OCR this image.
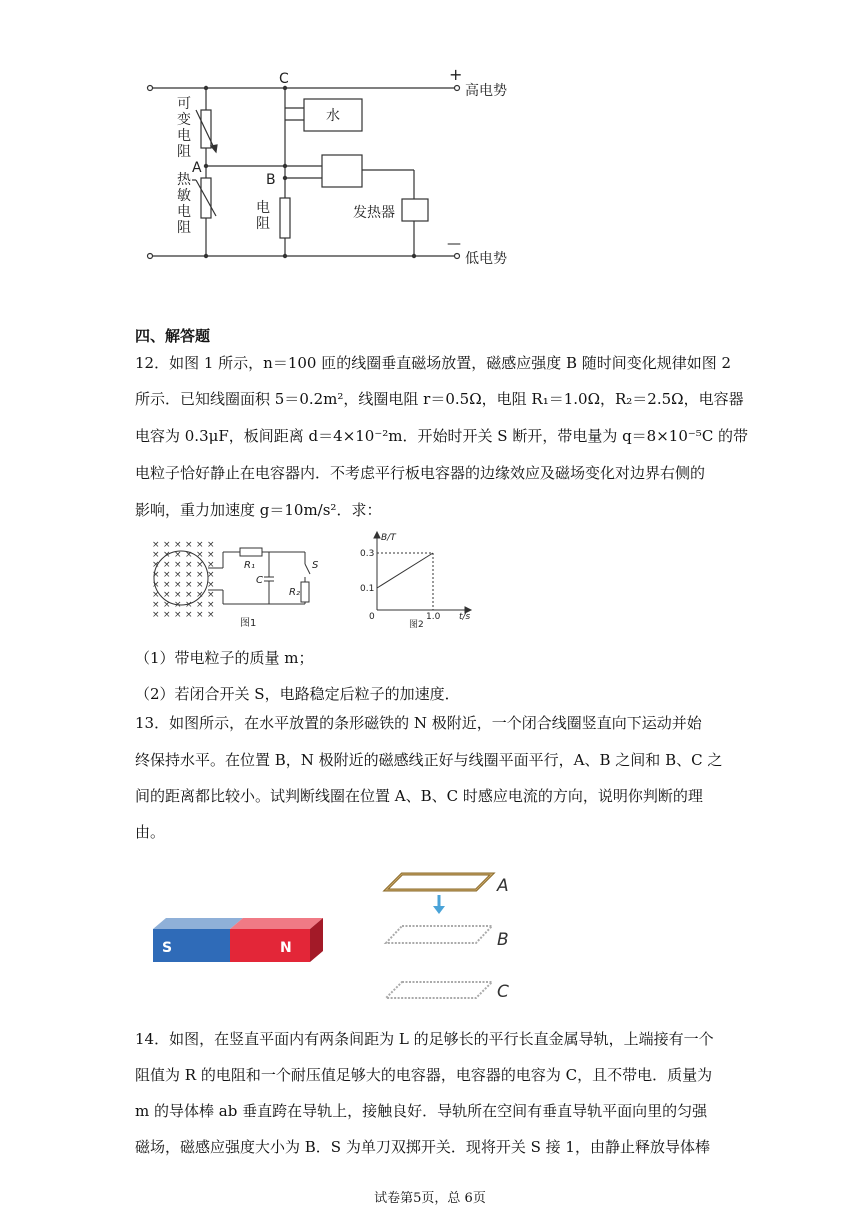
C
A
B
+
—
高电势
低电势
可
变
电
阻
热
敏
电
阻
电
阻
水
发热器
四、解答题
12．如图 1 所示，n＝100 匝的线圈垂直磁场放置，磁感应强度 B 随时间变化规律如图 2
所示．已知线圈面积 5＝0.2m²，线圈电阻 r＝0.5Ω，电阻 R₁＝1.0Ω，R₂＝2.5Ω，电容器
电容为 0.3μF，板间距离 d＝4×10⁻²m．开始时开关 S 断开，带电量为 q＝8×10⁻⁵C 的带
电粒子恰好静止在电容器内．不考虑平行板电容器的边缘效应及磁场变化对边界右侧的
影响，重力加速度 g＝10m/s²．求：
× × × × × ×
× × × × × ×
× × × × × ×
× × × × × ×
× × × × × ×
× × × × × ×
× × × × × ×
× × × × × ×
R₁
C
R₂
S
图1
B/T
0.3
0.1
0	1.0 t/s
图2
（1）带电粒子的质量 m；
（2）若闭合开关 S，电路稳定后粒子的加速度．
13．如图所示，在水平放置的条形磁铁的 N 极附近，一个闭合线圈竖直向下运动并始
终保持水平。在位置 B，N 极附近的磁感线正好与线圈平面平行，A、B 之间和 B、C 之
间的距离都比较小。试判断线圈在位置 A、B、C 时感应电流的方向，说明你判断的理
由。
S	N
A
B
C
14．如图，在竖直平面内有两条间距为 L 的足够长的平行长直金属导轨，上端接有一个
阻值为 R 的电阻和一个耐压值足够大的电容器，电容器的电容为 C，且不带电．质量为
m 的导体棒 ab 垂直跨在导轨上，接触良好．导轨所在空间有垂直导轨平面向里的匀强
磁场，磁感应强度大小为 B．S 为单刀双掷开关．现将开关 S 接 1，由静止释放导体棒
试卷第5页，总 6页
